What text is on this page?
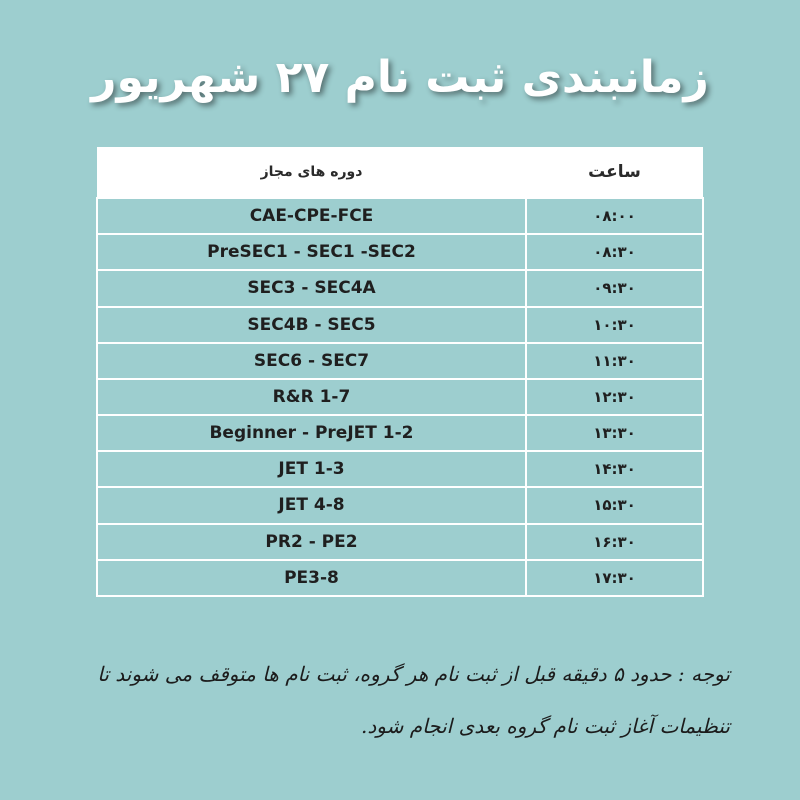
زمانبندی ثبت نام ۲۷ شهریور
ساعت	دوره های مجاز
۰۸:۰۰	CAE-CPE-FCE
۰۸:۳۰	PreSEC1 - SEC1 -SEC2
۰۹:۳۰	SEC3 - SEC4A
۱۰:۳۰	SEC4B - SEC5
۱۱:۳۰	SEC6 - SEC7
۱۲:۳۰	R&R 1-7
۱۳:۳۰	Beginner - PreJET 1-2
۱۴:۳۰	JET 1-3
۱۵:۳۰	JET 4-8
۱۶:۳۰	PR2 - PE2
۱۷:۳۰	PE3-8
توجه : حدود ۵ دقیقه قبل از ثبت نام هر گروه، ثبت نام ها متوقف می شوند تا تنظیمات آغاز ثبت نام گروه بعدی انجام شود.
